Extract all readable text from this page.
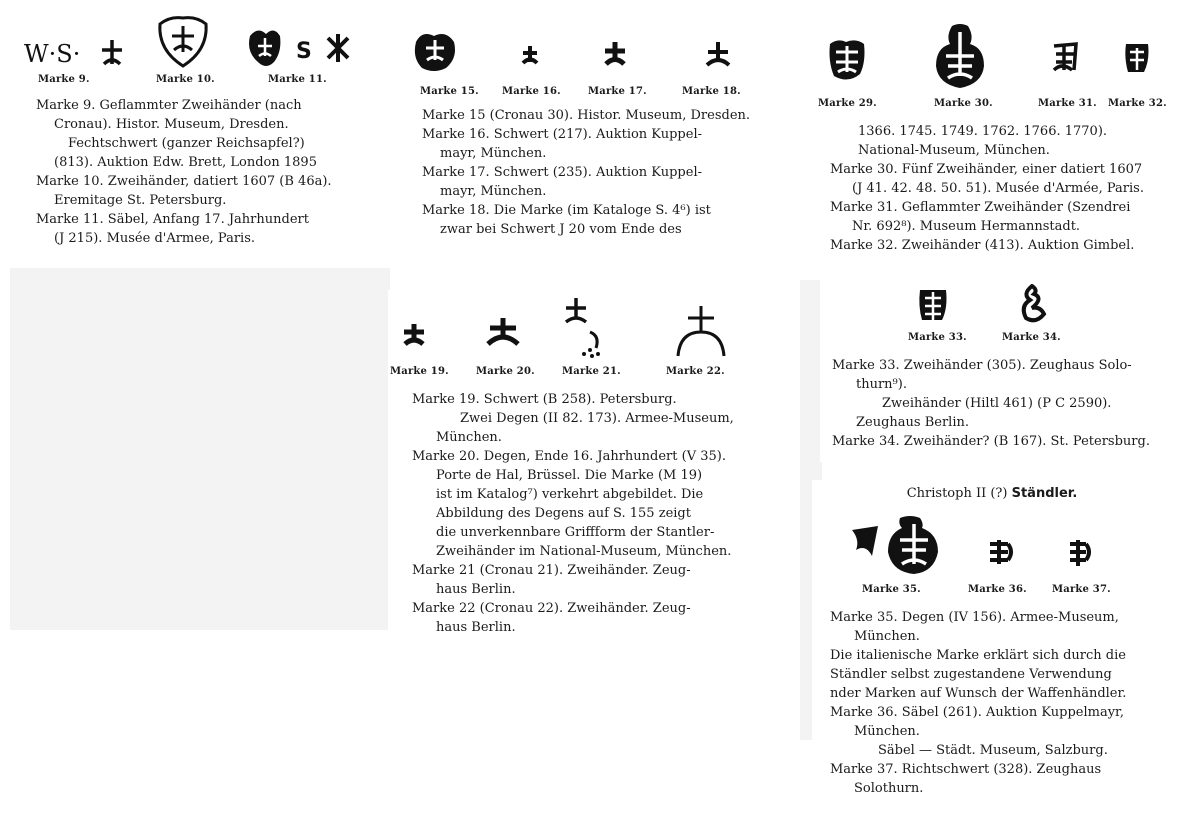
W·S·	S
Marke 9.	Marke 10.	Marke 11.
Marke 9. Geflammter Zweihänder (nach
Cronau). Histor. Museum, Dresden.
Fechtschwert (ganzer Reichsapfel?)
(813). Auktion Edw. Brett, London 1895
Marke 10. Zweihänder, datiert 1607 (B 46a).
Eremitage St. Petersburg.
Marke 11. Säbel, Anfang 17. Jahrhundert
(J 215). Musée d'Armee, Paris.
Marke 15. Marke 16.	Marke 17.	Marke 18.
Marke 15 (Cronau 30). Histor. Museum, Dresden.
Marke 16. Schwert (217). Auktion Kuppel-
mayr, München.
Marke 17. Schwert (235). Auktion Kuppel-
mayr, München.
Marke 18. Die Marke (im Kataloge S. 4⁶) ist
zwar bei Schwert J 20 vom Ende des
Marke 29.	Marke 30.	Marke 31. Marke 32.
1366. 1745. 1749. 1762. 1766. 1770).
National-Museum, München.
Marke 30. Fünf Zweihänder, einer datiert 1607
(J 41. 42. 48. 50. 51). Musée d'Armée, Paris.
Marke 31. Geflammter Zweihänder (Szendrei
Nr. 692⁸). Museum Hermannstadt.
Marke 32. Zweihänder (413). Auktion Gimbel.
Marke 19.	Marke 20.	Marke 21.	Marke 22.
Marke 19. Schwert (B 258). Petersburg.
Zwei Degen (II 82. 173). Armee-Museum,
München.
Marke 20. Degen, Ende 16. Jahrhundert (V 35).
Porte de Hal, Brüssel. Die Marke (M 19)
ist im Katalog⁷) verkehrt abgebildet. Die
Abbildung des Degens auf S. 155 zeigt
die unverkennbare Griffform der Stantler-
Zweihänder im National-Museum, München.
Marke 21 (Cronau 21). Zweihänder. Zeug-
haus Berlin.
Marke 22 (Cronau 22). Zweihänder. Zeug-
haus Berlin.
Marke 33.	Marke 34.
Marke 33. Zweihänder (305). Zeughaus Solo-
thurn⁹).
Zweihänder (Hiltl 461) (P C 2590).
Zeughaus Berlin.
Marke 34. Zweihänder? (B 167). St. Petersburg.
Christoph II (?) Ständler.
Marke 35.	Marke 36.	Marke 37.
Marke 35. Degen (IV 156). Armee-Museum,
München.
Die italienische Marke erklärt sich durch die
Ständler selbst zugestandene Verwendung
nder Marken auf Wunsch der Waffenhändler.
Marke 36. Säbel (261). Auktion Kuppelmayr,
München.
Säbel — Städt. Museum, Salzburg.
Marke 37. Richtschwert (328). Zeughaus
Solothurn.
